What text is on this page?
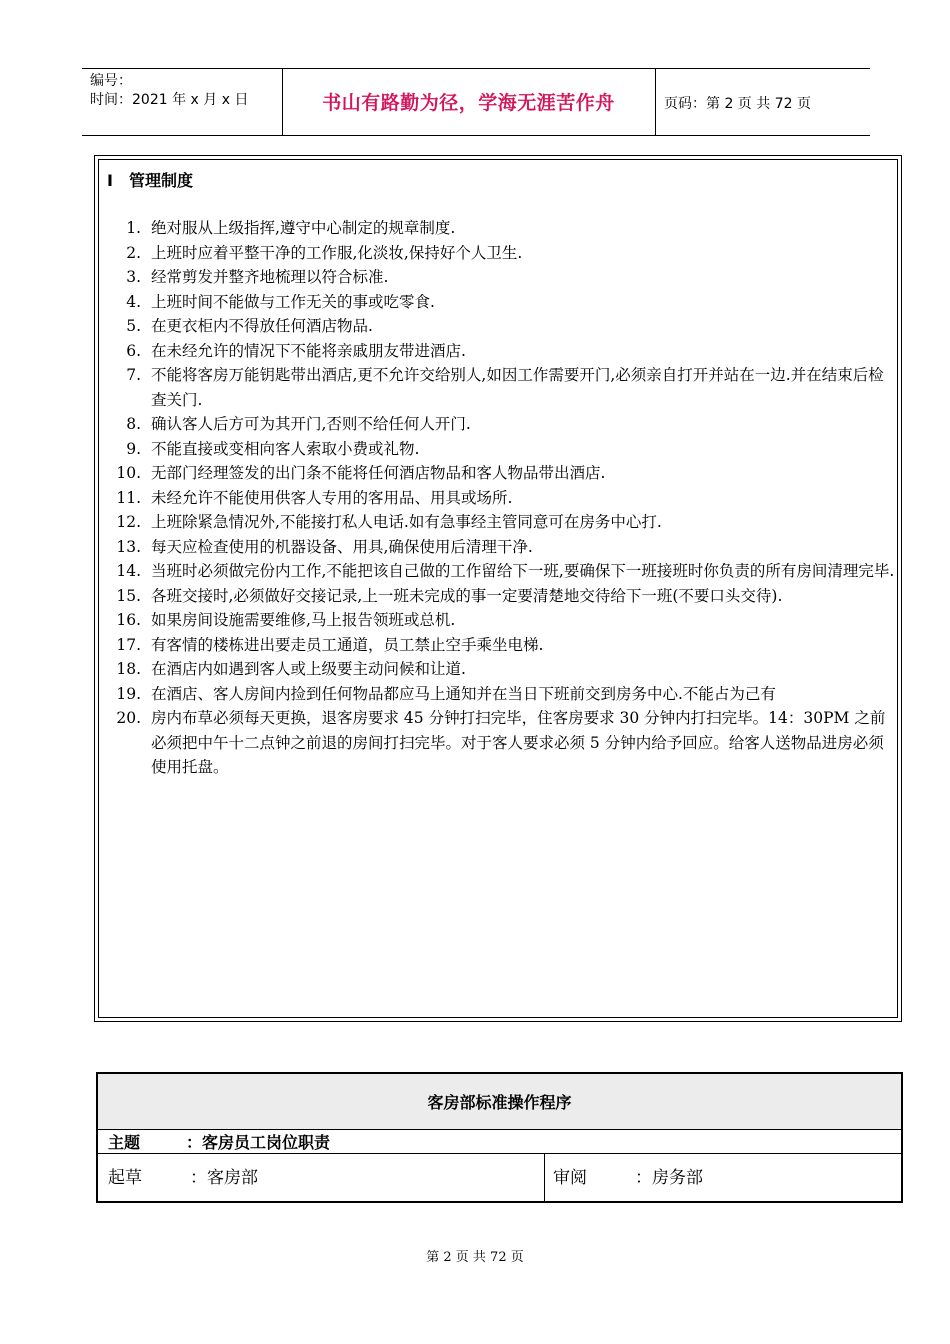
编号：
时间：2021 年 x 月 x 日	书山有路勤为径，学海无涯苦作舟	页码：第 2 页 共 72 页
I　管理制度
1. 绝对服从上级指挥,遵守中心制定的规章制度.
2. 上班时应着平整干净的工作服,化淡妆,保持好个人卫生.
3. 经常剪发并整齐地梳理以符合标准.
4. 上班时间不能做与工作无关的事或吃零食.
5. 在更衣柜内不得放任何酒店物品.
6. 在未经允许的情况下不能将亲戚朋友带进酒店.
7. 不能将客房万能钥匙带出酒店,更不允许交给别人,如因工作需要开门,必须亲自打开并站在一边.并在结束后检查关门.
8. 确认客人后方可为其开门,否则不给任何人开门.
9. 不能直接或变相向客人索取小费或礼物.
10. 无部门经理签发的出门条不能将任何酒店物品和客人物品带出酒店.
11. 未经允许不能使用供客人专用的客用品、用具或场所.
12. 上班除紧急情况外,不能接打私人电话.如有急事经主管同意可在房务中心打.
13. 每天应检查使用的机器设备、用具,确保使用后清理干净.
14. 当班时必须做完份内工作,不能把该自己做的工作留给下一班,要确保下一班接班时你负责的所有房间清理完毕.
15. 各班交接时,必须做好交接记录,上一班未完成的事一定要清楚地交待给下一班(不要口头交待).
16. 如果房间设施需要维修,马上报告领班或总机.
17. 有客情的楼栋进出要走员工通道，员工禁止空手乘坐电梯.
18. 在酒店内如遇到客人或上级要主动问候和让道.
19. 在酒店、客人房间内捡到任何物品都应马上通知并在当日下班前交到房务中心.不能占为己有
20. 房内布草必须每天更换，退客房要求 45 分钟打扫完毕，住客房要求 30 分钟内打扫完毕。14：30PM 之前必须把中午十二点钟之前退的房间打扫完毕。对于客人要求必须 5 分钟内给予回应。给客人送物品进房必须使用托盘。
客房部标准操作程序
主题	：客房员工岗位职责
起草	：客房部	审阅	：房务部
第 2 页 共 72 页
